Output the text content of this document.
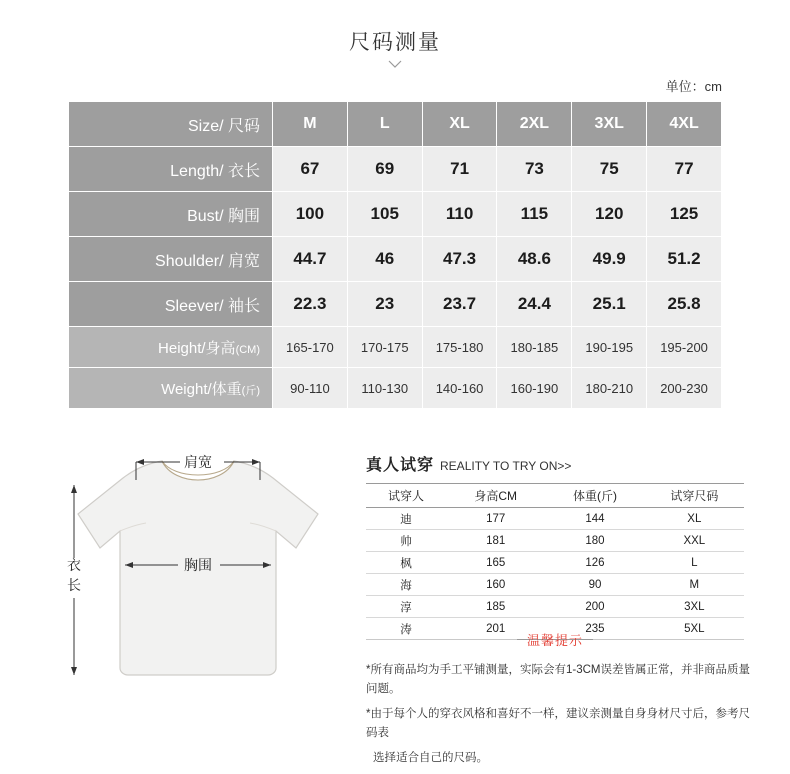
尺码测量
单位：cm
Size/ 尺码	M	L	XL	2XL	3XL	4XL
Length/ 衣长	67	69	71	73	75	77
Bust/ 胸围	100	105	110	115	120	125
Shoulder/ 肩宽	44.7	46	47.3	48.6	49.9	51.2
Sleever/ 袖长	22.3	23	23.7	24.4	25.1	25.8
Height/身高(CM)	165-170	170-175	175-180	180-185	190-195	195-200
Weight/体重(斤)	90-110	110-130	140-160	160-190	180-210	200-230
肩宽
胸围
衣
长
真人试穿 REALITY TO TRY ON>>
试穿人	身高CM	体重(斤)	试穿尺码
迪	177	144	XL
帅	181	180	XXL
枫	165	126	L
海	160	90	M
淳	185	200	3XL
涛	201	235	5XL
温馨提示

*所有商品均为手工平铺测量，实际会有1-3CM误差皆属正常，并非商品质量问题。

*由于每个人的穿衣风格和喜好不一样，建议亲测量自身身材尺寸后，参考尺码表

选择适合自己的尺码。
